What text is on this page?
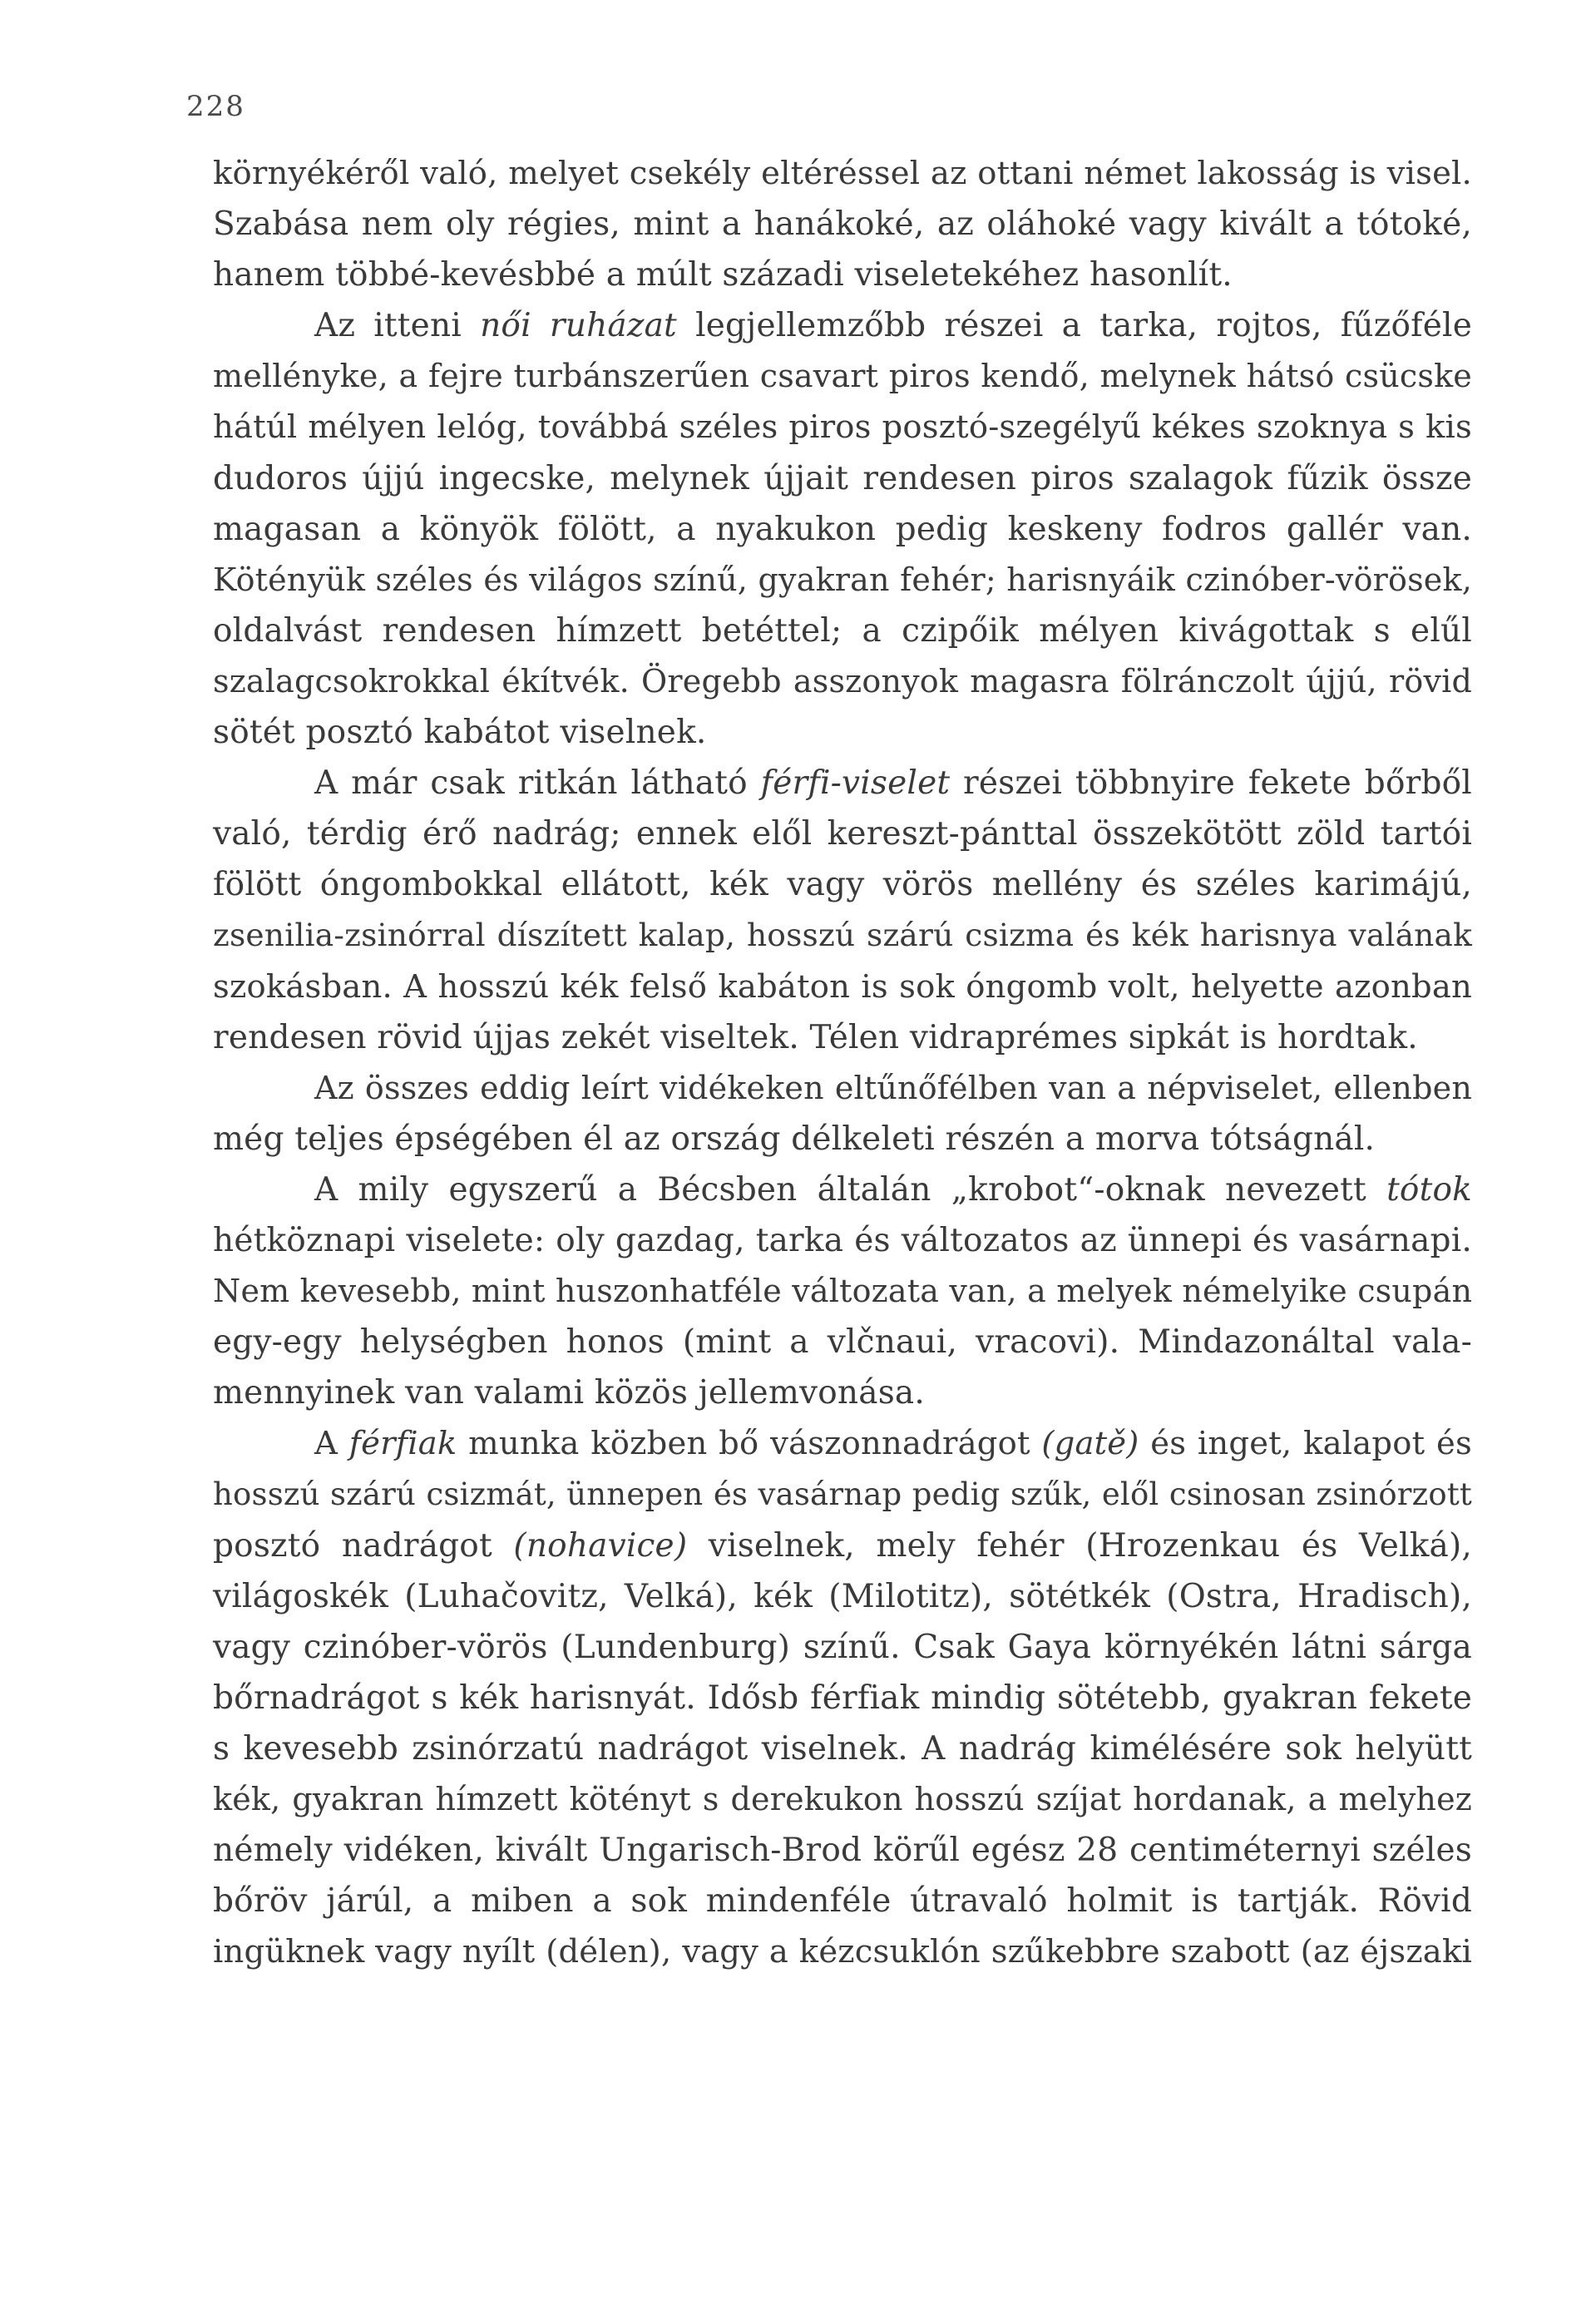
228
környékéről való, melyet csekély eltéréssel az ottani német lakosság is visel.
Szabása nem oly régies, mint a hanákoké, az oláhoké vagy kivált a tótoké,
hanem többé-kevésbbé a múlt századi viseletekéhez hasonlít.
Az itteni női ruházat legjellemzőbb részei a tarka, rojtos, fűzőféle
mellényke, a fejre turbánszerűen csavart piros kendő, melynek hátsó csücske
hátúl mélyen lelóg, továbbá széles piros posztó-szegélyű kékes szoknya s kis
dudoros újjú ingecske, melynek újjait rendesen piros szalagok fűzik össze
magasan a könyök fölött, a nyakukon pedig keskeny fodros gallér van.
Kötényük széles és világos színű, gyakran fehér; harisnyáik czinóber-vörösek,
oldalvást rendesen hímzett betéttel; a czipőik mélyen kivágottak s elűl
szalagcsokrokkal ékítvék. Öregebb asszonyok magasra fölránczolt újjú, rövid
sötét posztó kabátot viselnek.
A már csak ritkán látható férfi-viselet részei többnyire fekete bőrből
való, térdig érő nadrág; ennek elől kereszt-pánttal összekötött zöld tartói
fölött óngombokkal ellátott, kék vagy vörös mellény és széles karimájú,
zsenilia-zsinórral díszített kalap, hosszú szárú csizma és kék harisnya valának
szokásban. A hosszú kék felső kabáton is sok óngomb volt, helyette azonban
rendesen rövid újjas zekét viseltek. Télen vidraprémes sipkát is hordtak.
Az összes eddig leírt vidékeken eltűnőfélben van a népviselet, ellenben
még teljes épségében él az ország délkeleti részén a morva tótságnál.
A mily egyszerű a Bécsben általán „krobot“-oknak nevezett tótok
hétköznapi viselete: oly gazdag, tarka és változatos az ünnepi és vasárnapi.
Nem kevesebb, mint huszonhatféle változata van, a melyek némelyike csupán
egy-egy helységben honos (mint a vlčnaui, vracovi). Mindazonáltal vala-
mennyinek van valami közös jellemvonása.
A férfiak munka közben bő vászonnadrágot (gatě) és inget, kalapot és
hosszú szárú csizmát, ünnepen és vasárnap pedig szűk, elől csinosan zsinórzott
posztó nadrágot (nohavice) viselnek, mely fehér (Hrozenkau és Velká),
világoskék (Luhačovitz, Velká), kék (Milotitz), sötétkék (Ostra, Hradisch),
vagy czinóber-vörös (Lundenburg) színű. Csak Gaya környékén látni sárga
bőrnadrágot s kék harisnyát. Idősb férfiak mindig sötétebb, gyakran fekete
s kevesebb zsinórzatú nadrágot viselnek. A nadrág kimélésére sok helyütt
kék, gyakran hímzett kötényt s derekukon hosszú szíjat hordanak, a melyhez
némely vidéken, kivált Ungarisch-Brod körűl egész 28 centiméternyi széles
bőröv járúl, a miben a sok mindenféle útravaló holmit is tartják. Rövid
ingüknek vagy nyílt (délen), vagy a kézcsuklón szűkebbre szabott (az éjszaki
